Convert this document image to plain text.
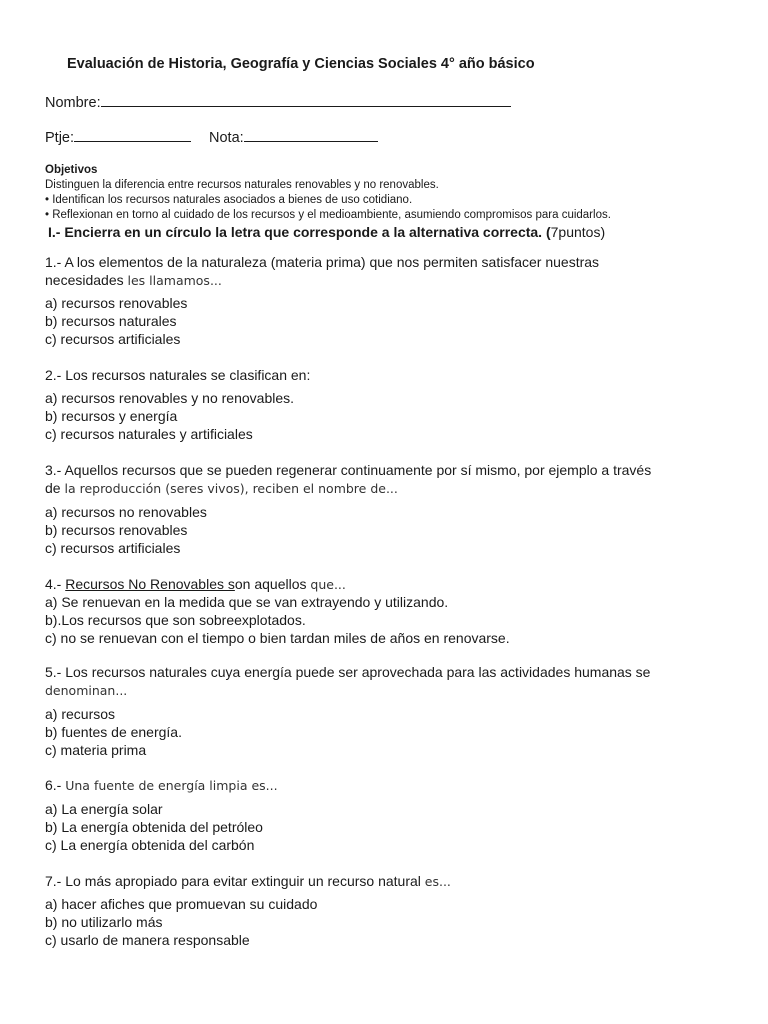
Evaluación de Historia, Geografía y Ciencias Sociales 4° año básico
Nombre:
Ptje:	Nota:
Objetivos
Distinguen la diferencia entre recursos naturales renovables y no renovables.
• Identifican los recursos naturales asociados a bienes de uso cotidiano.
• Reflexionan en torno al cuidado de los recursos y el medioambiente, asumiendo compromisos para cuidarlos.
I.- Encierra en un círculo la letra que corresponde a la alternativa correcta. (7puntos)
1.- A los elementos de la naturaleza (materia prima) que nos permiten satisfacer nuestras
necesidades les llamamos...
a) recursos renovables
b) recursos naturales
c) recursos artificiales
2.- Los recursos naturales se clasifican en:
a) recursos renovables y no renovables.
b) recursos y energía
c) recursos naturales y artificiales
3.- Aquellos recursos que se pueden regenerar continuamente por sí mismo, por ejemplo a través
de la reproducción (seres vivos), reciben el nombre de...
a) recursos no renovables
b) recursos renovables
c) recursos artificiales
4.- Recursos No Renovables son aquellos que...
a) Se renuevan en la medida que se van extrayendo y utilizando.
b).Los recursos que son sobreexplotados.
c) no se renuevan con el tiempo o bien tardan miles de años en renovarse.
5.- Los recursos naturales cuya energía puede ser aprovechada para las actividades humanas se
denominan...
a) recursos
b) fuentes de energía.
c) materia prima
6.- Una fuente de energía limpia es...
a) La energía solar
b) La energía obtenida del petróleo
c) La energía obtenida del carbón
7.- Lo más apropiado para evitar extinguir un recurso natural es...
a) hacer afiches que promuevan su cuidado
b) no utilizarlo más
c) usarlo de manera responsable
